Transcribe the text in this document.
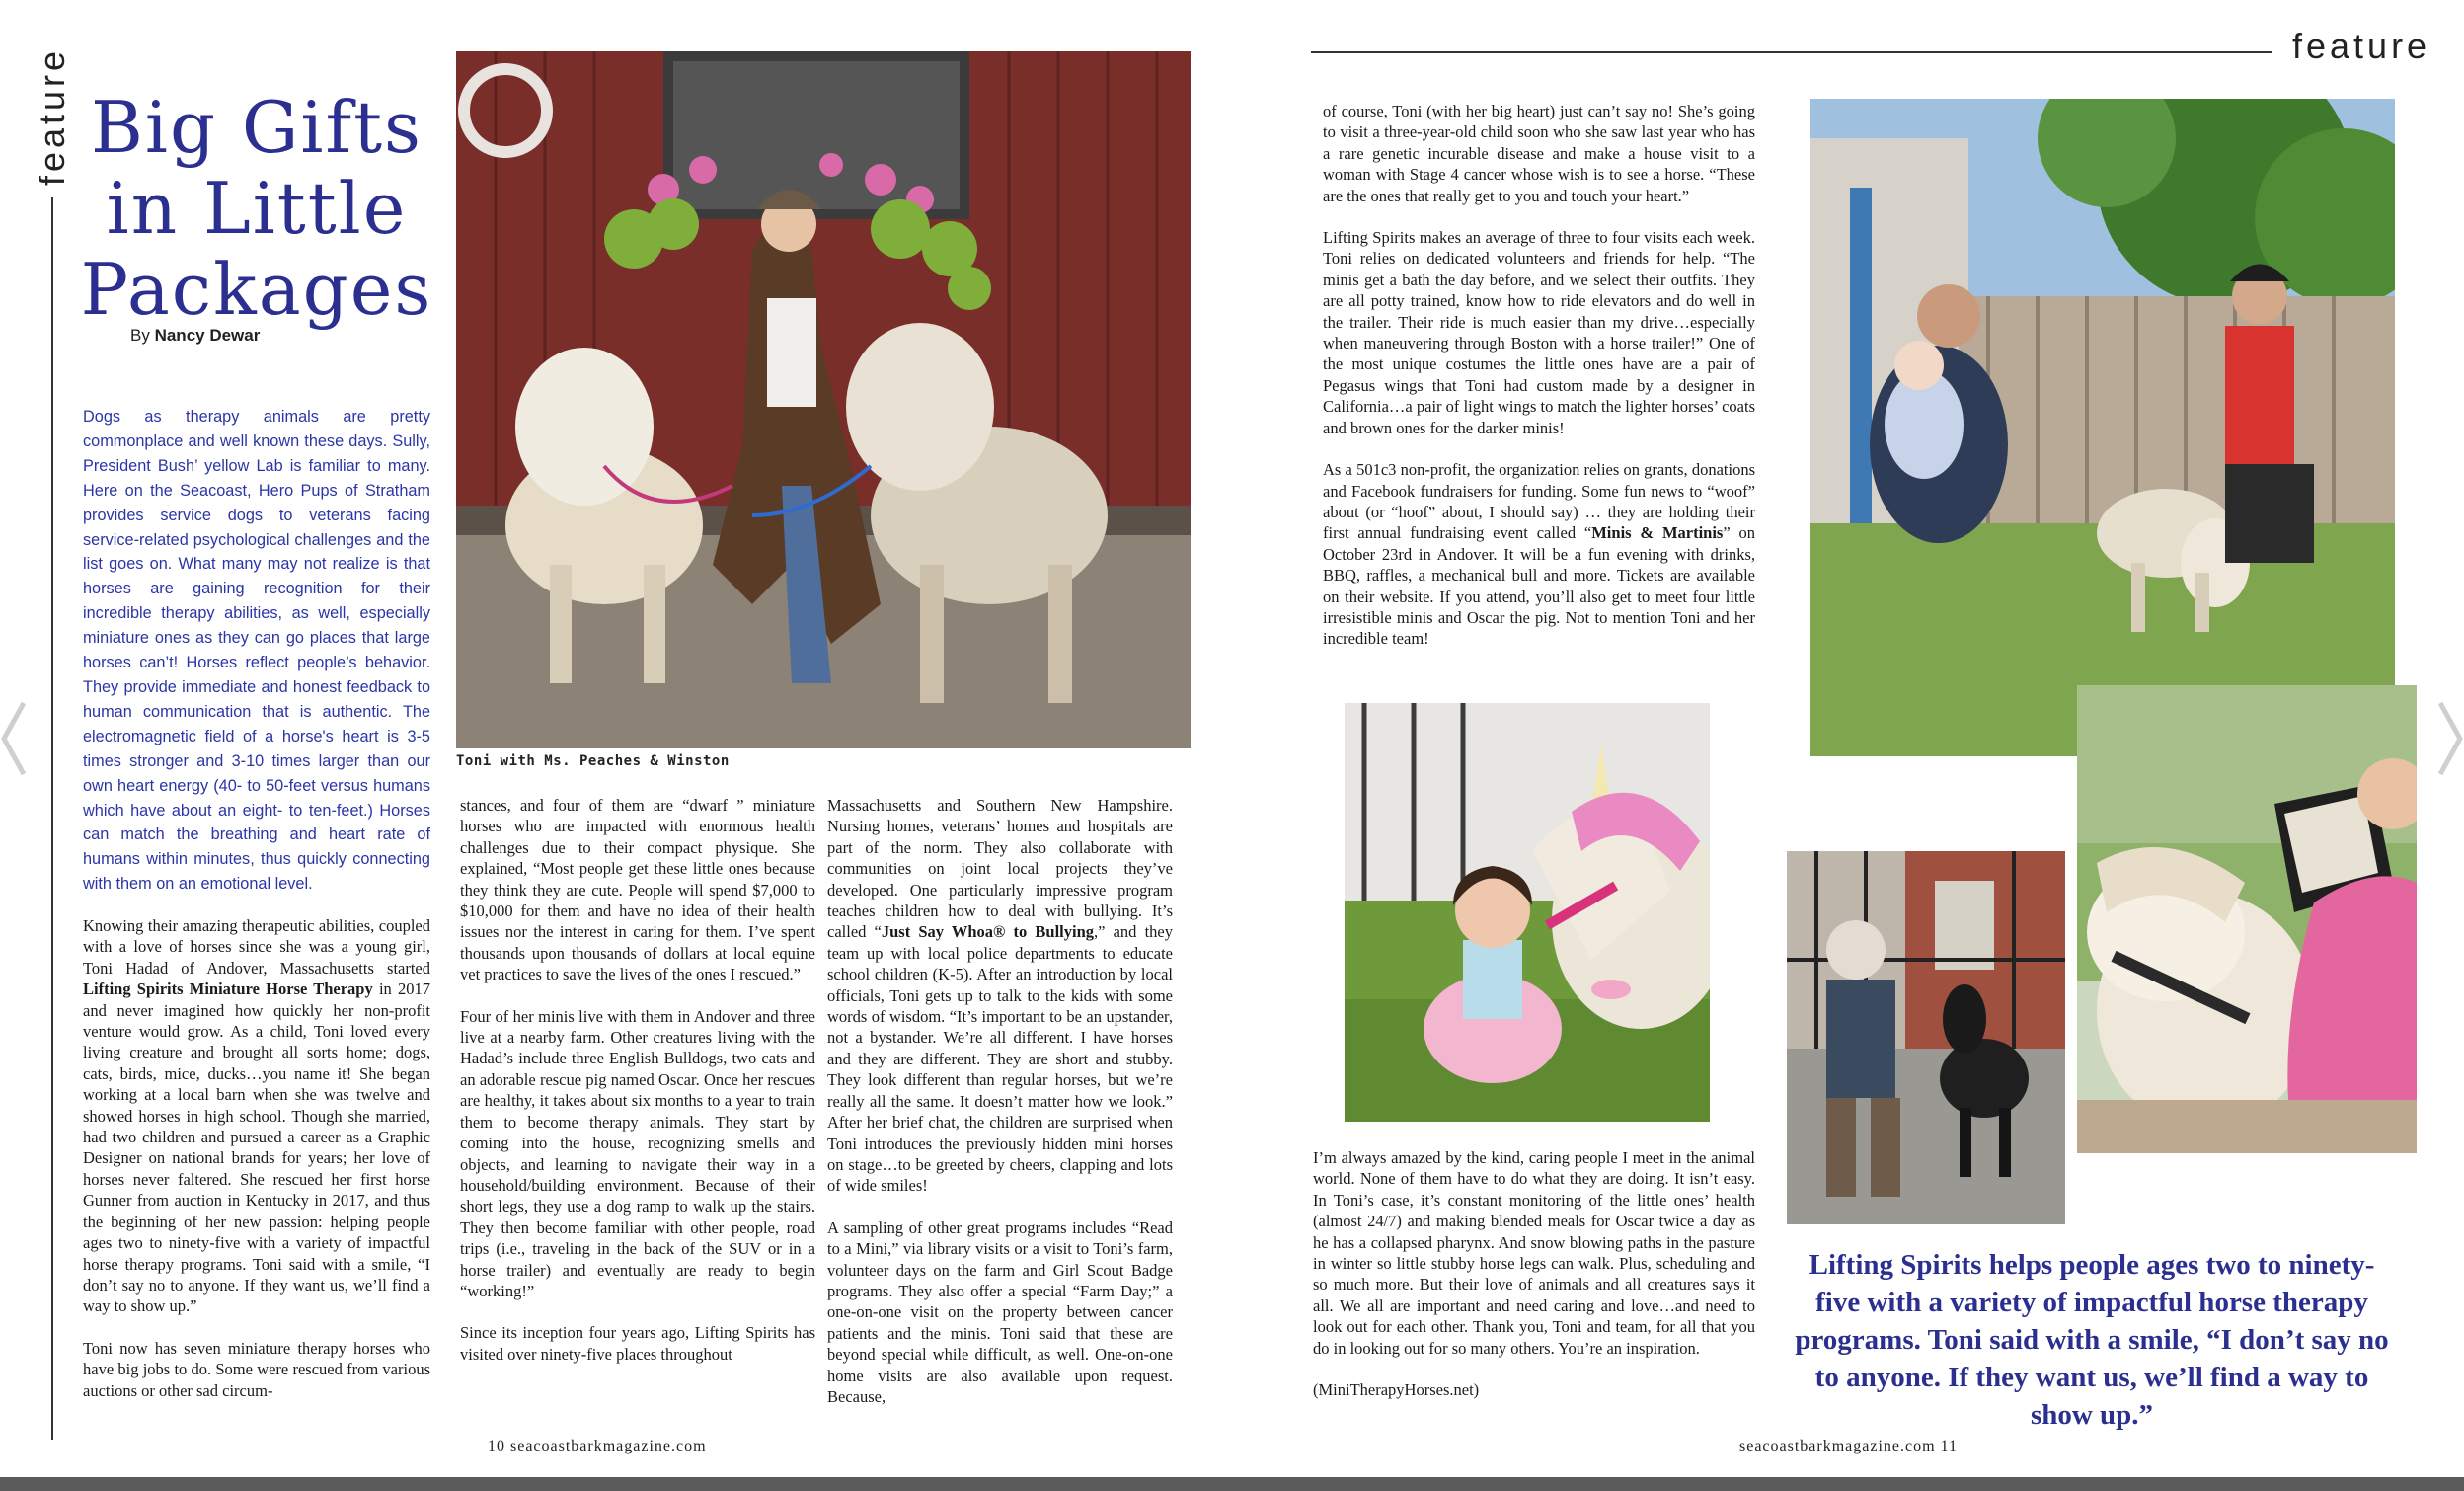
feature Big Gifts
in Little
Packages
By Nancy Dewar

Dogs as therapy animals are pretty commonplace and well known these days. Sully, President Bush’ yellow Lab is familiar to many. Here on the Seacoast, Hero Pups of Stratham provides service dogs to veterans facing service-related psychological challenges and the list goes on. What many may not realize is that horses are gaining recognition for their incredible therapy abilities, as well, especially miniature ones as they can go places that large horses can’t! Horses reflect people’s behavior. They provide immediate and honest feedback to human communication that is authentic. The electromagnetic field of a horse's heart is 3-5 times stronger and 3-10 times larger than our own heart energy (40- to 50-feet versus humans which have about an eight- to ten-feet.) Horses can match the breathing and heart rate of humans within minutes, thus quickly connecting with them on an emotional level.

Toni with Ms. Peaches & Winston

Knowing their amazing therapeutic abilities, coupled with a love of horses since she was a young girl, Toni Hadad of Andover, Massachusetts started Lifting Spirits Miniature Horse Therapy in 2017 and never imagined how quickly her non-profit venture would grow. As a child, Toni loved every living creature and brought all sorts home; dogs, cats, birds, mice, ducks…you name it! She began working at a local barn when she was twelve and showed horses in high school. Though she married, had two children and pursued a career as a Graphic Designer on national brands for years; her love of horses never faltered. She rescued her first horse Gunner from auction in Kentucky in 2017, and thus the beginning of her new passion: helping people ages two to ninety-five with a variety of impactful horse therapy programs. Toni said with a smile, “I don’t say no to anyone. If they want us, we’ll find a way to show up.”

Toni now has seven miniature therapy horses who have big jobs to do. Some were rescued from various auctions or other sad circum-

stances, and four of them are “dwarf ” miniature horses who are impacted with enormous health challenges due to their compact physique. She explained, “Most people get these little ones because they think they are cute. People will spend $7,000 to $10,000 for them and have no idea of their health issues nor the interest in caring for them. I’ve spent thousands upon thousands of dollars at local equine vet practices to save the lives of the ones I rescued.”

Four of her minis live with them in Andover and three live at a nearby farm. Other creatures living with the Hadad’s include three English Bulldogs, two cats and an adorable rescue pig named Oscar. Once her rescues are healthy, it takes about six months to a year to train them to become therapy animals. They start by coming into the house, recognizing smells and objects, and learning to navigate their way in a household/building environment. Because of their short legs, they use a dog ramp to walk up the stairs. They then become familiar with other people, road trips (i.e., traveling in the back of the SUV or in a horse trailer) and eventually are ready to begin “working!”

Since its inception four years ago, Lifting Spirits has visited over ninety-five places throughout

Massachusetts and Southern New Hampshire. Nursing homes, veterans’ homes and hospitals are part of the norm. They also collaborate with communities on joint local projects they’ve developed. One particularly impressive program teaches children how to deal with bullying. It’s called “Just Say Whoa® to Bullying,” and they team up with local police departments to educate school children (K-5). After an introduction by local officials, Toni gets up to talk to the kids with some words of wisdom. “It’s important to be an upstander, not a bystander. We’re all different. I have horses and they are different. They are short and stubby. They look different than regular horses, but we’re really all the same. It doesn’t matter how we look.” After her brief chat, the children are surprised when Toni introduces the previously hidden mini horses on stage…to be greeted by cheers, clapping and lots of wide smiles!

A sampling of other great programs includes “Read to a Mini,” via library visits or a visit to Toni’s farm, volunteer days on the farm and Girl Scout Badge programs. They also offer a special “Farm Day;” a one-on-one visit on the property between cancer patients and the minis. Toni said that these are beyond special while difficult, as well. One-on-one home visits are also available upon request. Because,

10 seacoastbarkmagazine.com
feature

of course, Toni (with her big heart) just can’t say no! She’s going to visit a three-year-old child soon who she saw last year who has a rare genetic incurable disease and make a house visit to a woman with Stage 4 cancer whose wish is to see a horse. “These are the ones that really get to you and touch your heart.”

Lifting Spirits makes an average of three to four visits each week. Toni relies on dedicated volunteers and friends for help. “The minis get a bath the day before, and we select their outfits. They are all potty trained, know how to ride elevators and do well in the trailer. Their ride is much easier than my drive…especially when maneuvering through Boston with a horse trailer!” One of the most unique costumes the little ones have are a pair of Pegasus wings that Toni had custom made by a designer in California…a pair of light wings to match the lighter horses’ coats and brown ones for the darker minis!

As a 501c3 non-profit, the organization relies on grants, donations and Facebook fundraisers for funding. Some fun news to “woof” about (or “hoof” about, I should say) … they are holding their first annual fundraising event called “Minis & Martinis” on October 23rd in Andover. It will be a fun evening with drinks, BBQ, raffles, a mechanical bull and more. Tickets are available on their website. If you attend, you’ll also get to meet four little irresistible minis and Oscar the pig. Not to mention Toni and her incredible team!

I’m always amazed by the kind, caring people I meet in the animal world. None of them have to do what they are doing. It isn’t easy. In Toni’s case, it’s constant monitoring of the little ones’ health (almost 24/7) and making blended meals for Oscar twice a day as he has a collapsed pharynx. And snow blowing paths in the pasture in winter so little stubby horse legs can walk. Plus, scheduling and so much more. But their love of animals and all creatures says it all. We all are important and need caring and love…and need to look out for each other. Thank you, Toni and team, for all that you do in looking out for so many others. You’re an inspiration.

(MiniTherapyHorses.net)

Lifting Spirits helps people ages two to ninety-five with a variety of impactful horse therapy programs. Toni said with a smile, “I don’t say no to anyone. If they want us, we’ll find a way to show up.”

seacoastbarkmagazine.com 11
